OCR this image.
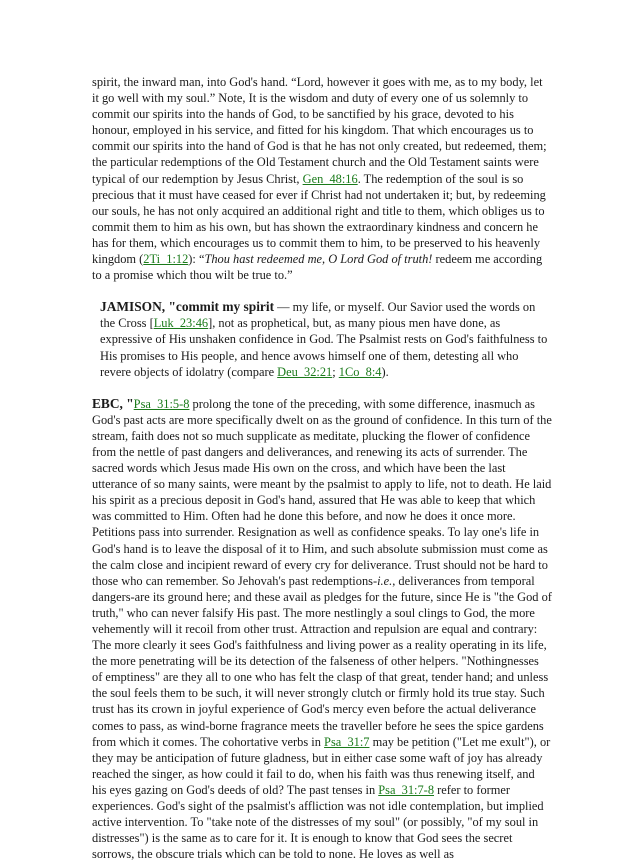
spirit, the inward man, into God's hand. “Lord, however it goes with me, as to my body, let it go well with my soul.” Note, It is the wisdom and duty of every one of us solemnly to commit our spirits into the hands of God, to be sanctified by his grace, devoted to his honour, employed in his service, and fitted for his kingdom. That which encourages us to commit our spirits into the hand of God is that he has not only created, but redeemed, them; the particular redemptions of the Old Testament church and the Old Testament saints were typical of our redemption by Jesus Christ, Gen_48:16. The redemption of the soul is so precious that it must have ceased for ever if Christ had not undertaken it; but, by redeeming our souls, he has not only acquired an additional right and title to them, which obliges us to commit them to him as his own, but has shown the extraordinary kindness and concern he has for them, which encourages us to commit them to him, to be preserved to his heavenly kingdom (2Ti_1:12): “Thou hast redeemed me, O Lord God of truth! redeem me according to a promise which thou wilt be true to.”

JAMISON, "commit my spirit — my life, or myself. Our Savior used the words on the Cross [Luk_23:46], not as prophetical, but, as many pious men have done, as expressive of His unshaken confidence in God. The Psalmist rests on God's faithfulness to His promises to His people, and hence avows himself one of them, detesting all who revere objects of idolatry (compare Deu_32:21; 1Co_8:4).

EBC, "Psa_31:5-8 prolong the tone of the preceding, with some difference, inasmuch as God's past acts are more specifically dwelt on as the ground of confidence. In this turn of the stream, faith does not so much supplicate as meditate, plucking the flower of confidence from the nettle of past dangers and deliverances, and renewing its acts of surrender. The sacred words which Jesus made His own on the cross, and which have been the last utterance of so many saints, were meant by the psalmist to apply to life, not to death. He laid his spirit as a precious deposit in God's hand, assured that He was able to keep that which was committed to Him. Often had he done this before, and now he does it once more. Petitions pass into surrender. Resignation as well as confidence speaks. To lay one's life in God's hand is to leave the disposal of it to Him, and such absolute submission must come as the calm close and incipient reward of every cry for deliverance. Trust should not be hard to those who can remember. So Jehovah's past redemptions-i.e., deliverances from temporal dangers-are its ground here; and these avail as pledges for the future, since He is "the God of truth," who can never falsify His past. The more nestlingly a soul clings to God, the more vehemently will it recoil from other trust. Attraction and repulsion are equal and contrary: The more clearly it sees God's faithfulness and living power as a reality operating in its life, the more penetrating will be its detection of the falseness of other helpers. "Nothingnesses of emptiness" are they all to one who has felt the clasp of that great, tender hand; and unless the soul feels them to be such, it will never strongly clutch or firmly hold its true stay. Such trust has its crown in joyful experience of God's mercy even before the actual deliverance comes to pass, as wind-borne fragrance meets the traveller before he sees the spice gardens from which it comes. The cohortative verbs in Psa_31:7 may be petition ("Let me exult"), or they may be anticipation of future gladness, but in either case some waft of joy has already reached the singer, as how could it fail to do, when his faith was thus renewing itself, and his eyes gazing on God's deeds of old? The past tenses in Psa_31:7-8 refer to former experiences. God's sight of the psalmist's affliction was not idle contemplation, but implied active intervention. To "take note of the distresses of my soul" (or possibly, "of my soul in distresses") is the same as to care for it. It is enough to know that God sees the secret sorrows, the obscure trials which can be told to none. He loves as well as
